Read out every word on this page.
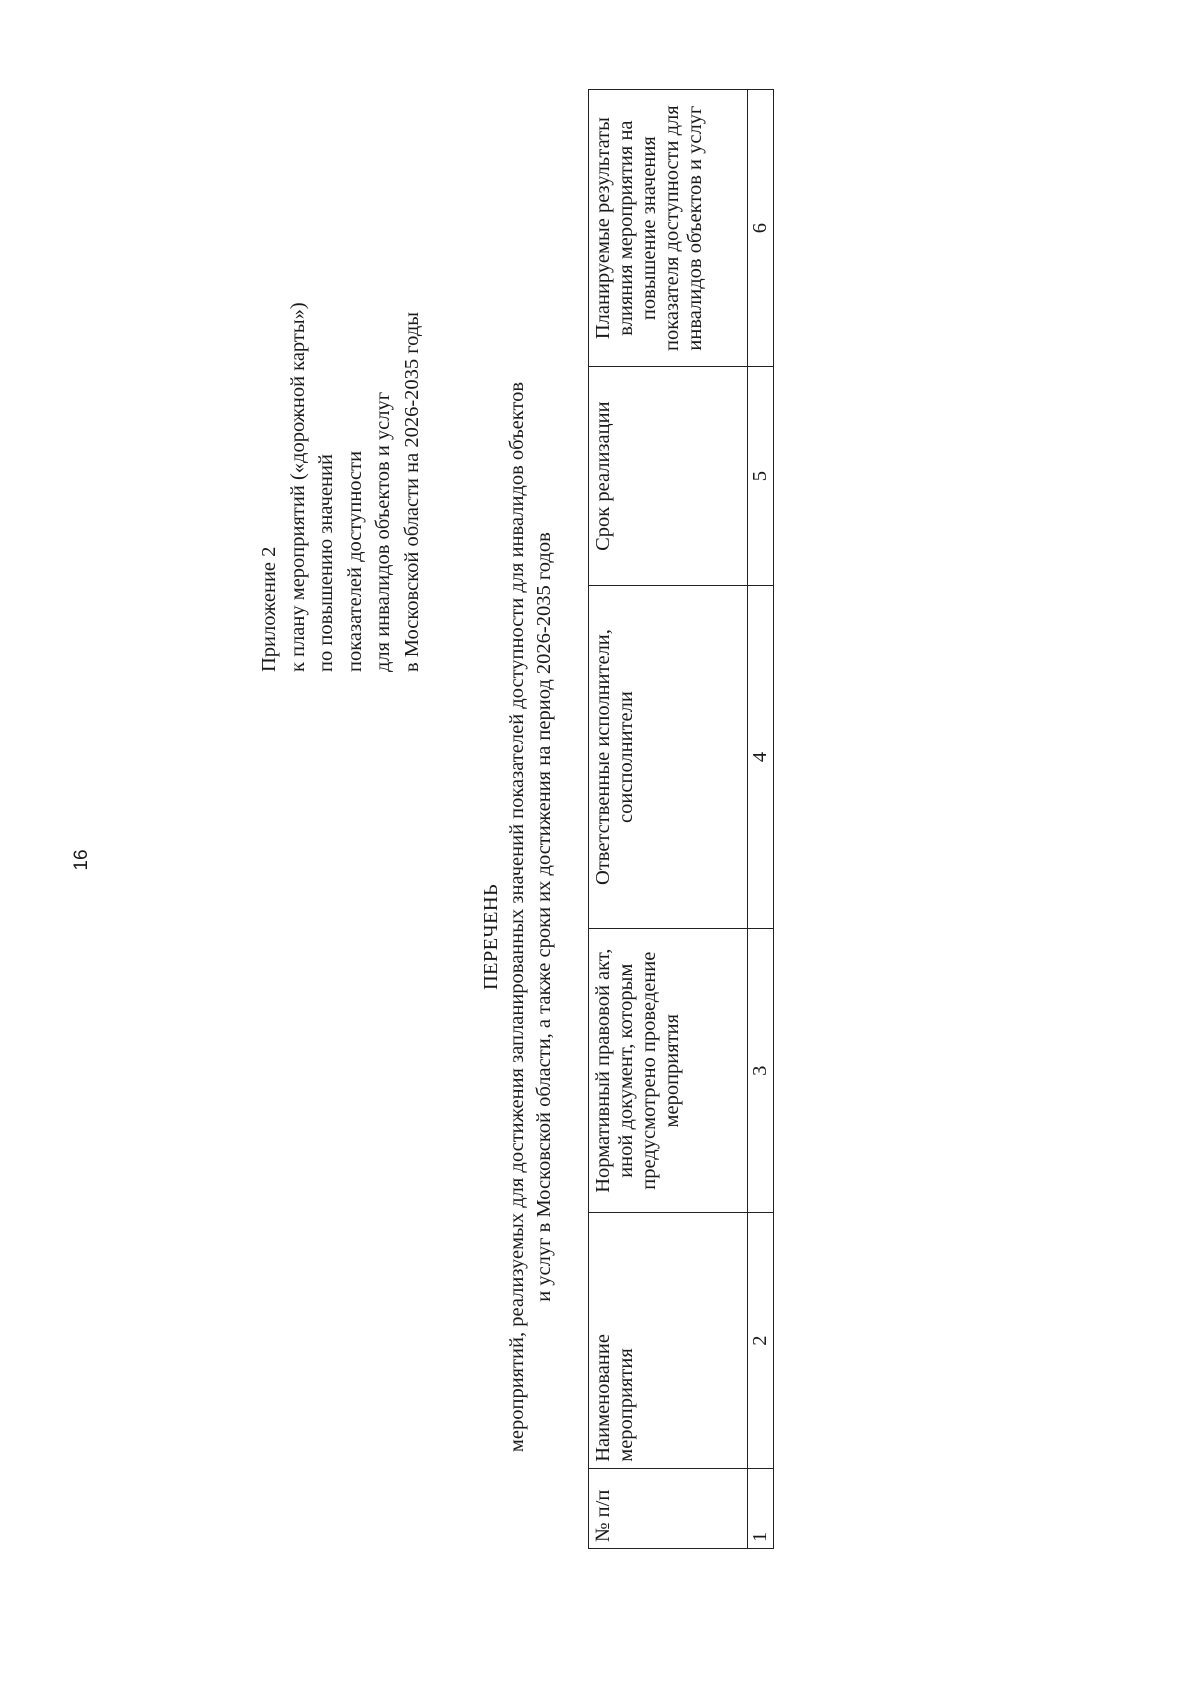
16
Приложение 2 к плану мероприятий («дорожной карты») по повышению значений показателей доступности для инвалидов объектов и услуг в Московской области на 2026-2035 годы
ПЕРЕЧЕНЬ мероприятий, реализуемых для достижения запланированных значений показателей доступности для инвалидов объектов и услуг в Московской области, а также сроки их достижения на период 2026-2035 годов
№ п/п	Наименование мероприятия	Нормативный правовой акт, иной документ, которым предусмотрено проведение мероприятия	Ответственные исполнители, соисполнители	Срок реализации	Планируемые результаты влияния мероприятия на повышение значения показателя доступности для инвалидов объектов и услуг
1	2	3	4	5	6
